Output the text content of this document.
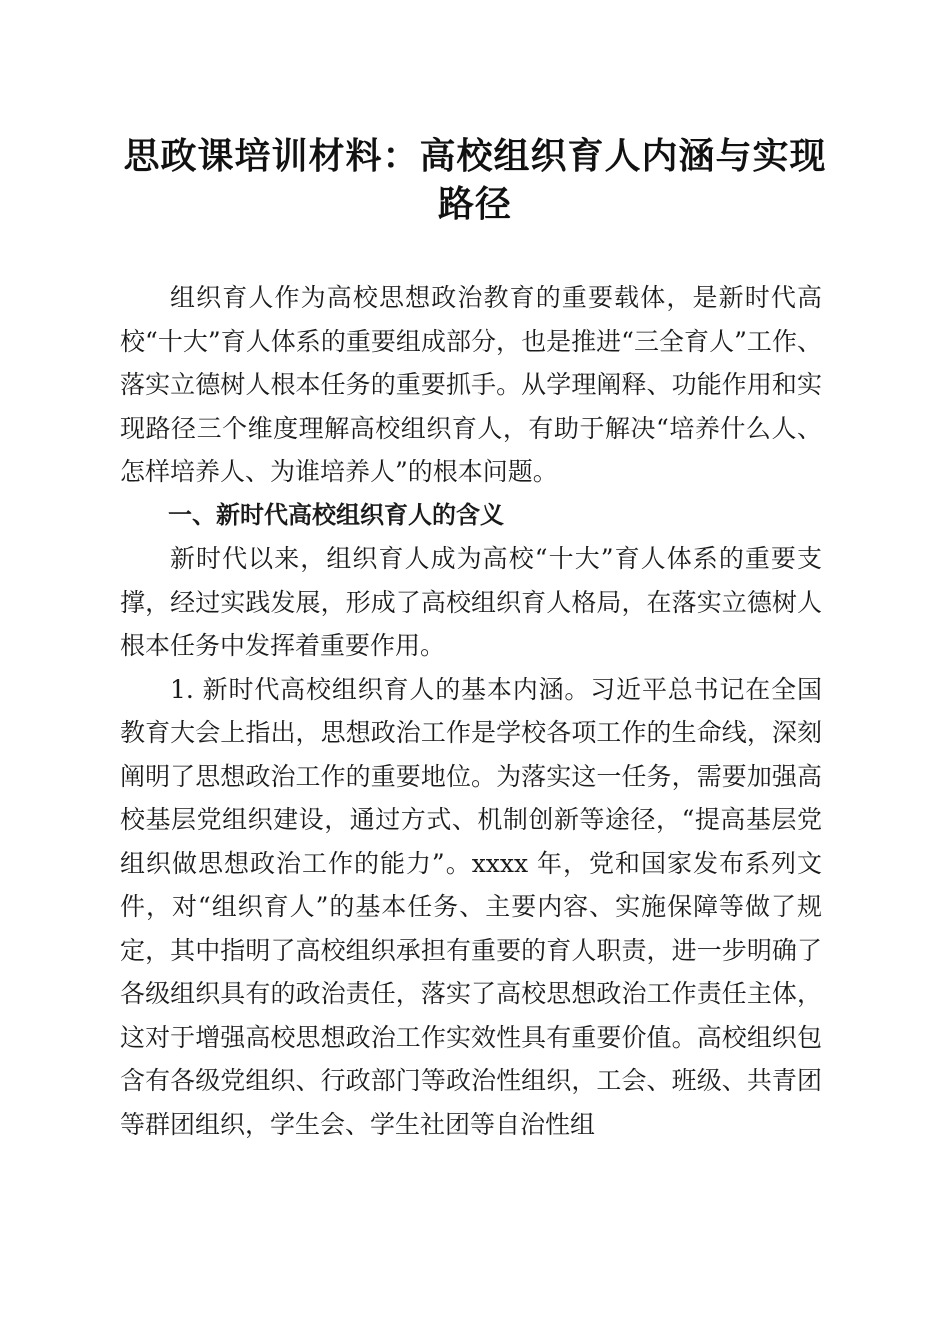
思政课培训材料：高校组织育人内涵与实现路径

组织育人作为高校思想政治教育的重要载体，是新时代高校“十大”育人体系的重要组成部分，也是推进“三全育人”工作、落实立德树人根本任务的重要抓手。从学理阐释、功能作用和实现路径三个维度理解高校组织育人，有助于解决“培养什么人、怎样培养人、为谁培养人”的根本问题。

一、新时代高校组织育人的含义

新时代以来，组织育人成为高校“十大”育人体系的重要支撑，经过实践发展，形成了高校组织育人格局，在落实立德树人根本任务中发挥着重要作用。

1. 新时代高校组织育人的基本内涵。习近平总书记在全国教育大会上指出，思想政治工作是学校各项工作的生命线，深刻阐明了思想政治工作的重要地位。为落实这一任务，需要加强高校基层党组织建设，通过方式、机制创新等途径，“提高基层党组织做思想政治工作的能力”。xxxx 年，党和国家发布系列文件，对“组织育人”的基本任务、主要内容、实施保障等做了规定，其中指明了高校组织承担有重要的育人职责，进一步明确了各级组织具有的政治责任，落实了高校思想政治工作责任主体，这对于增强高校思想政治工作实效性具有重要价值。高校组织包含有各级党组织、行政部门等政治性组织，工会、班级、共青团等群团组织，学生会、学生社团等自治性组
